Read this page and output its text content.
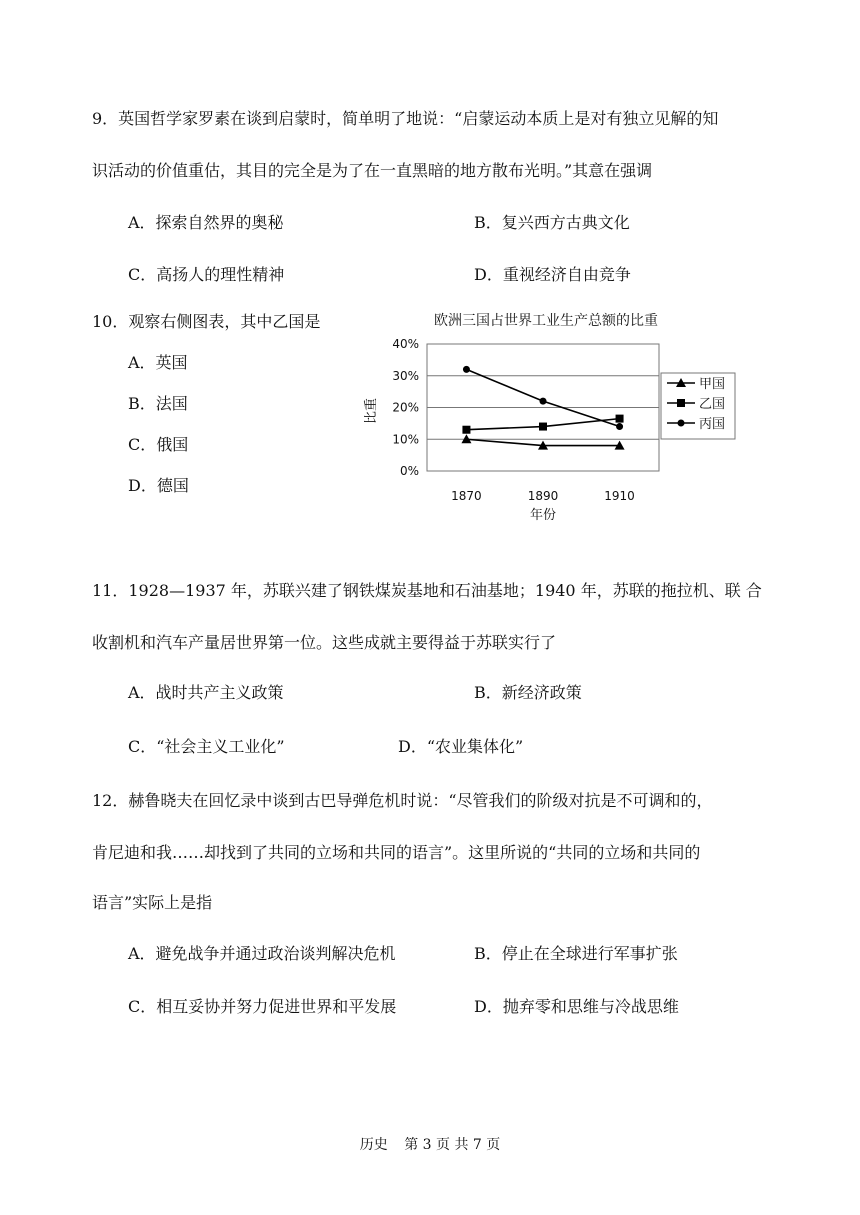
9．英国哲学家罗素在谈到启蒙时，简单明了地说：“启蒙运动本质上是对有独立见解的知
识活动的价值重估，其目的完全是为了在一直黑暗的地方散布光明。”其意在强调
A．探索自然界的奥秘	B．复兴西方古典文化
C．高扬人的理性精神	D．重视经济自由竞争
10．观察右侧图表，其中乙国是
A．英国
B．法国
C．俄国
D．德国
欧洲三国占世界工业生产总额的比重
0%
10%
20%
30%
40%
1870	1890	1910
比重
年份
甲国
乙国
丙国
11．1928—1937 年，苏联兴建了钢铁煤炭基地和石油基地；1940 年，苏联的拖拉机、联 合
收割机和汽车产量居世界第一位。这些成就主要得益于苏联实行了
A．战时共产主义政策	B．新经济政策
C．“社会主义工业化”	D．“农业集体化”
12．赫鲁晓夫在回忆录中谈到古巴导弹危机时说：“尽管我们的阶级对抗是不可调和的，
肯尼迪和我……却找到了共同的立场和共同的语言”。这里所说的“共同的立场和共同的
语言”实际上是指
A．避免战争并通过政治谈判解决危机	B．停止在全球进行军事扩张
C．相互妥协并努力促进世界和平发展	D．抛弃零和思维与冷战思维
历史 第 3 页 共 7 页
